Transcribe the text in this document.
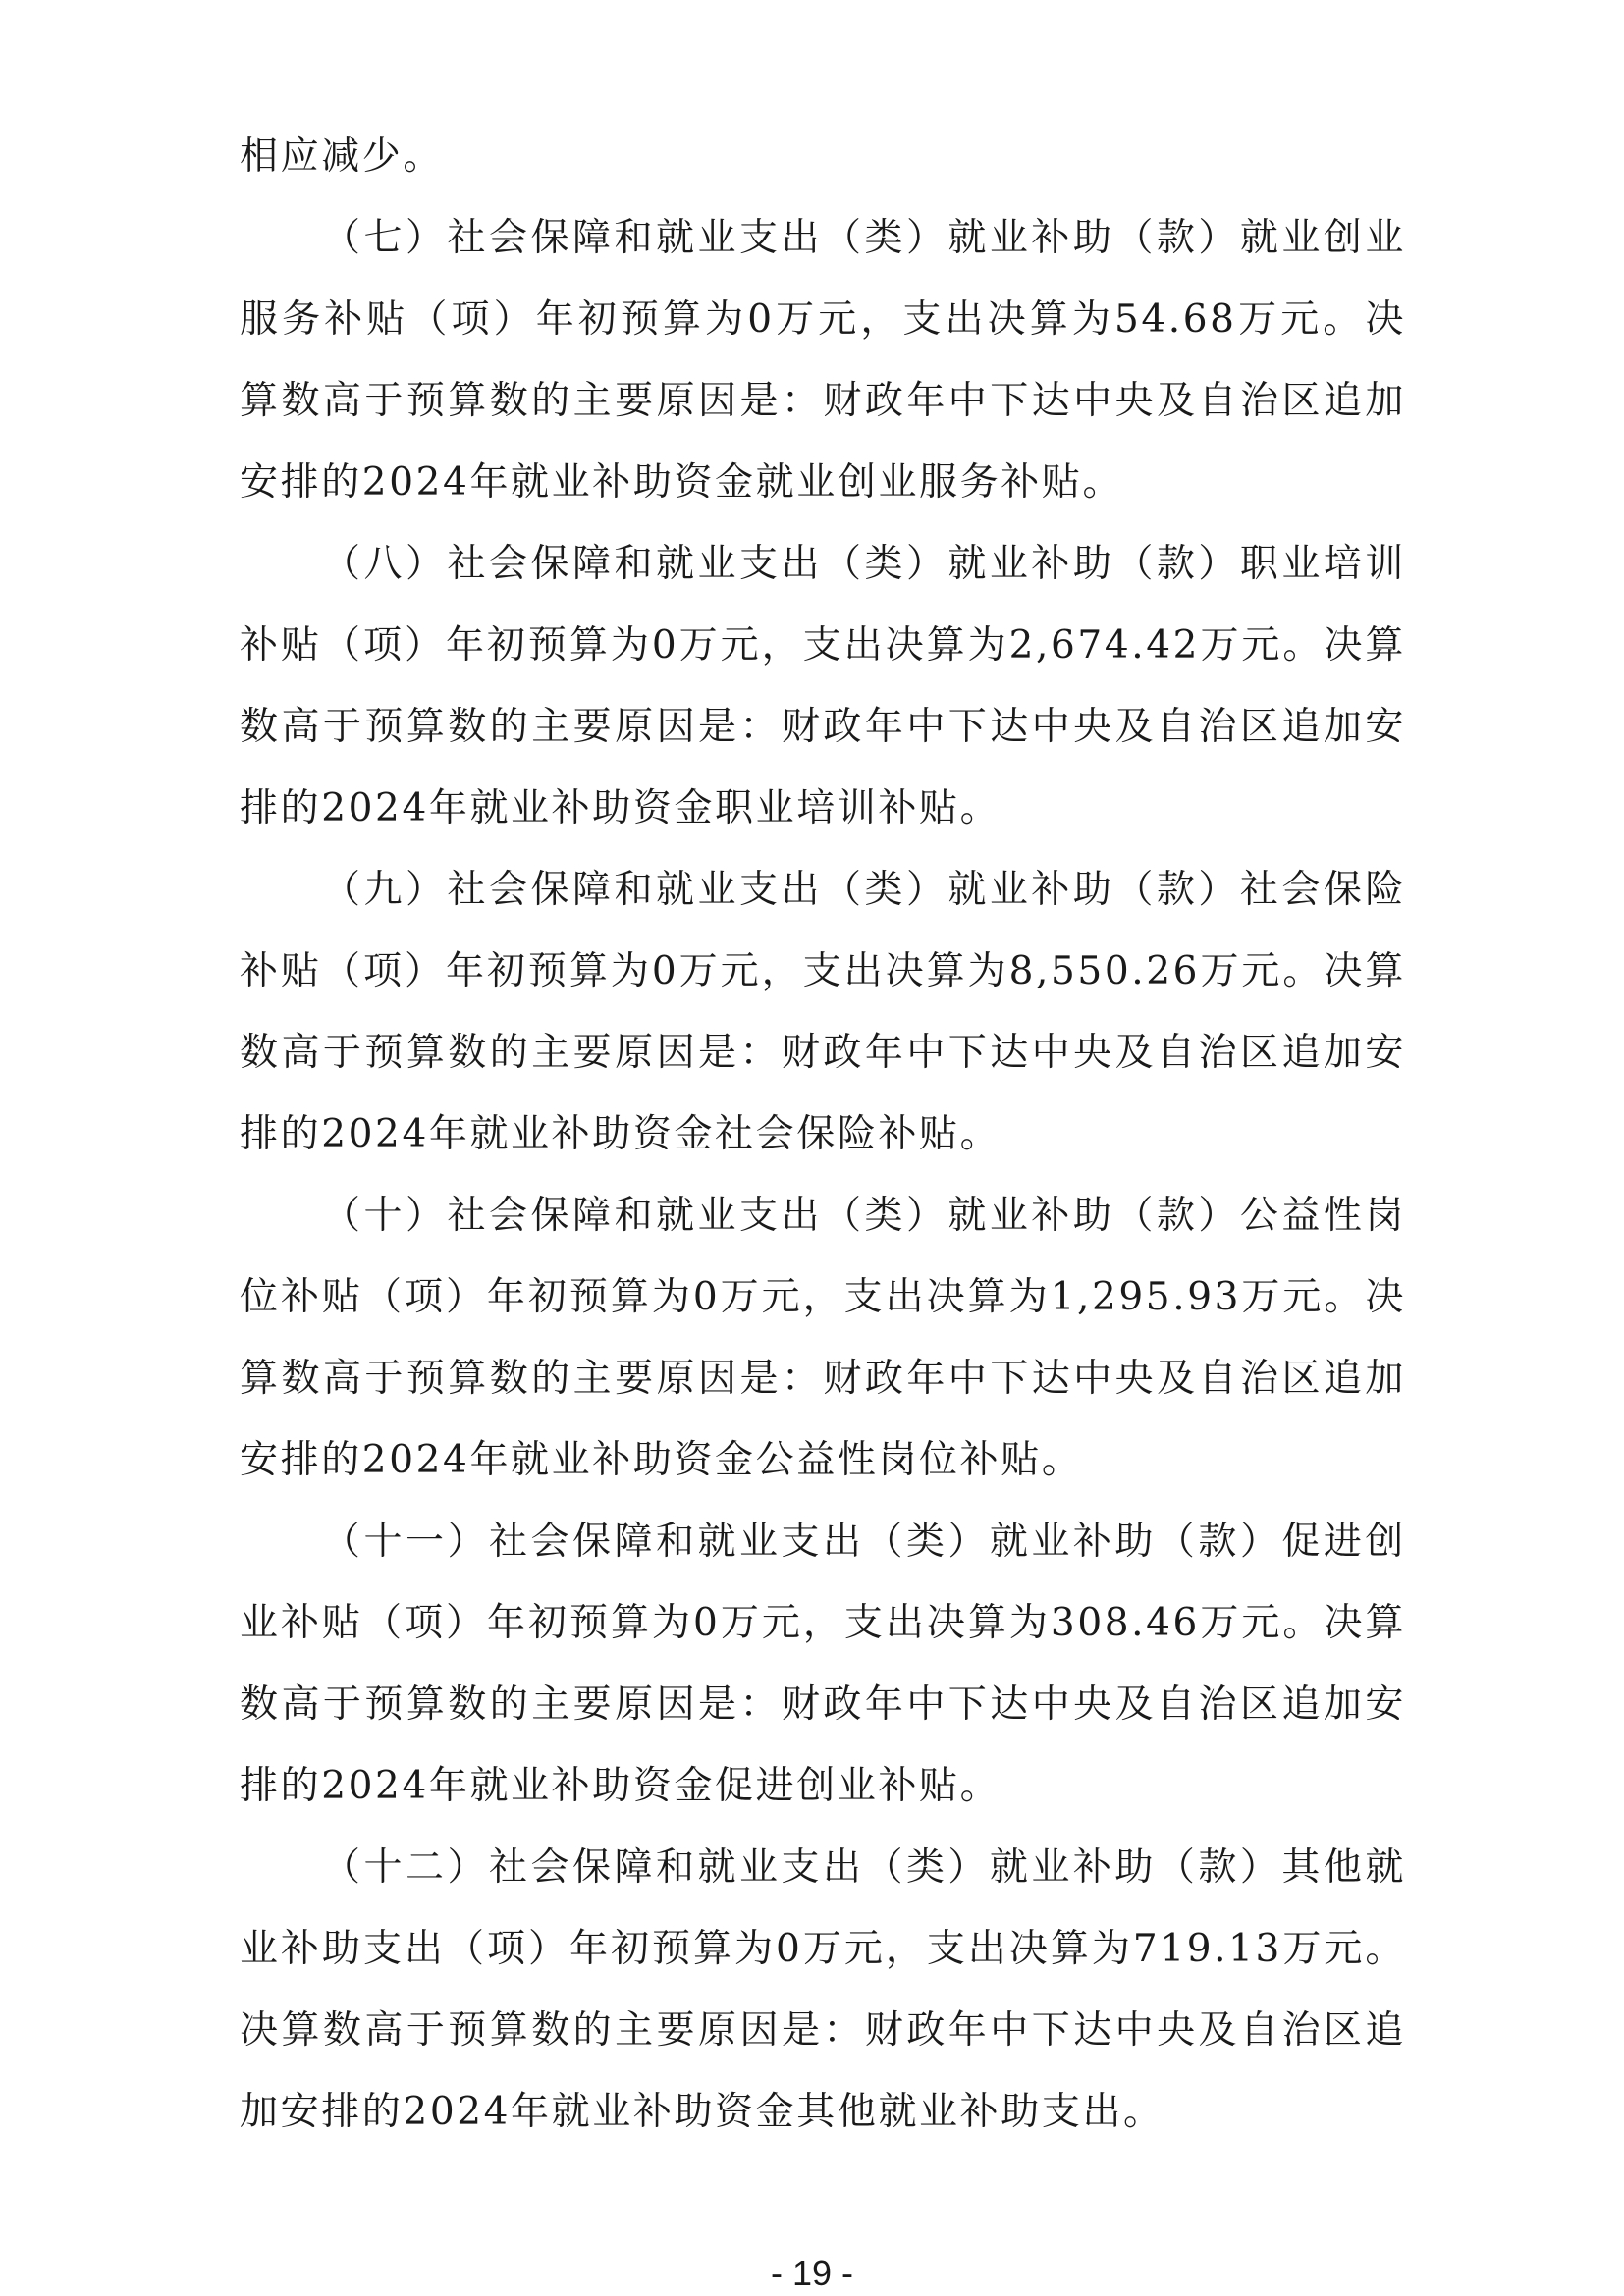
相应减少。

（七）社会保障和就业支出（类）就业补助（款）就业创业服务补贴（项）年初预算为0万元，支出决算为54.68万元。决算数高于预算数的主要原因是：财政年中下达中央及自治区追加安排的2024年就业补助资金就业创业服务补贴。

（八）社会保障和就业支出（类）就业补助（款）职业培训补贴（项）年初预算为0万元，支出决算为2,674.42万元。决算数高于预算数的主要原因是：财政年中下达中央及自治区追加安排的2024年就业补助资金职业培训补贴。

（九）社会保障和就业支出（类）就业补助（款）社会保险补贴（项）年初预算为0万元，支出决算为8,550.26万元。决算数高于预算数的主要原因是：财政年中下达中央及自治区追加安排的2024年就业补助资金社会保险补贴。

（十）社会保障和就业支出（类）就业补助（款）公益性岗位补贴（项）年初预算为0万元，支出决算为1,295.93万元。决算数高于预算数的主要原因是：财政年中下达中央及自治区追加安排的2024年就业补助资金公益性岗位补贴。

（十一）社会保障和就业支出（类）就业补助（款）促进创业补贴（项）年初预算为0万元，支出决算为308.46万元。决算数高于预算数的主要原因是：财政年中下达中央及自治区追加安排的2024年就业补助资金促进创业补贴。

（十二）社会保障和就业支出（类）就业补助（款）其他就业补助支出（项）年初预算为0万元，支出决算为719.13万元。决算数高于预算数的主要原因是：财政年中下达中央及自治区追加安排的2024年就业补助资金其他就业补助支出。

- 19 -
